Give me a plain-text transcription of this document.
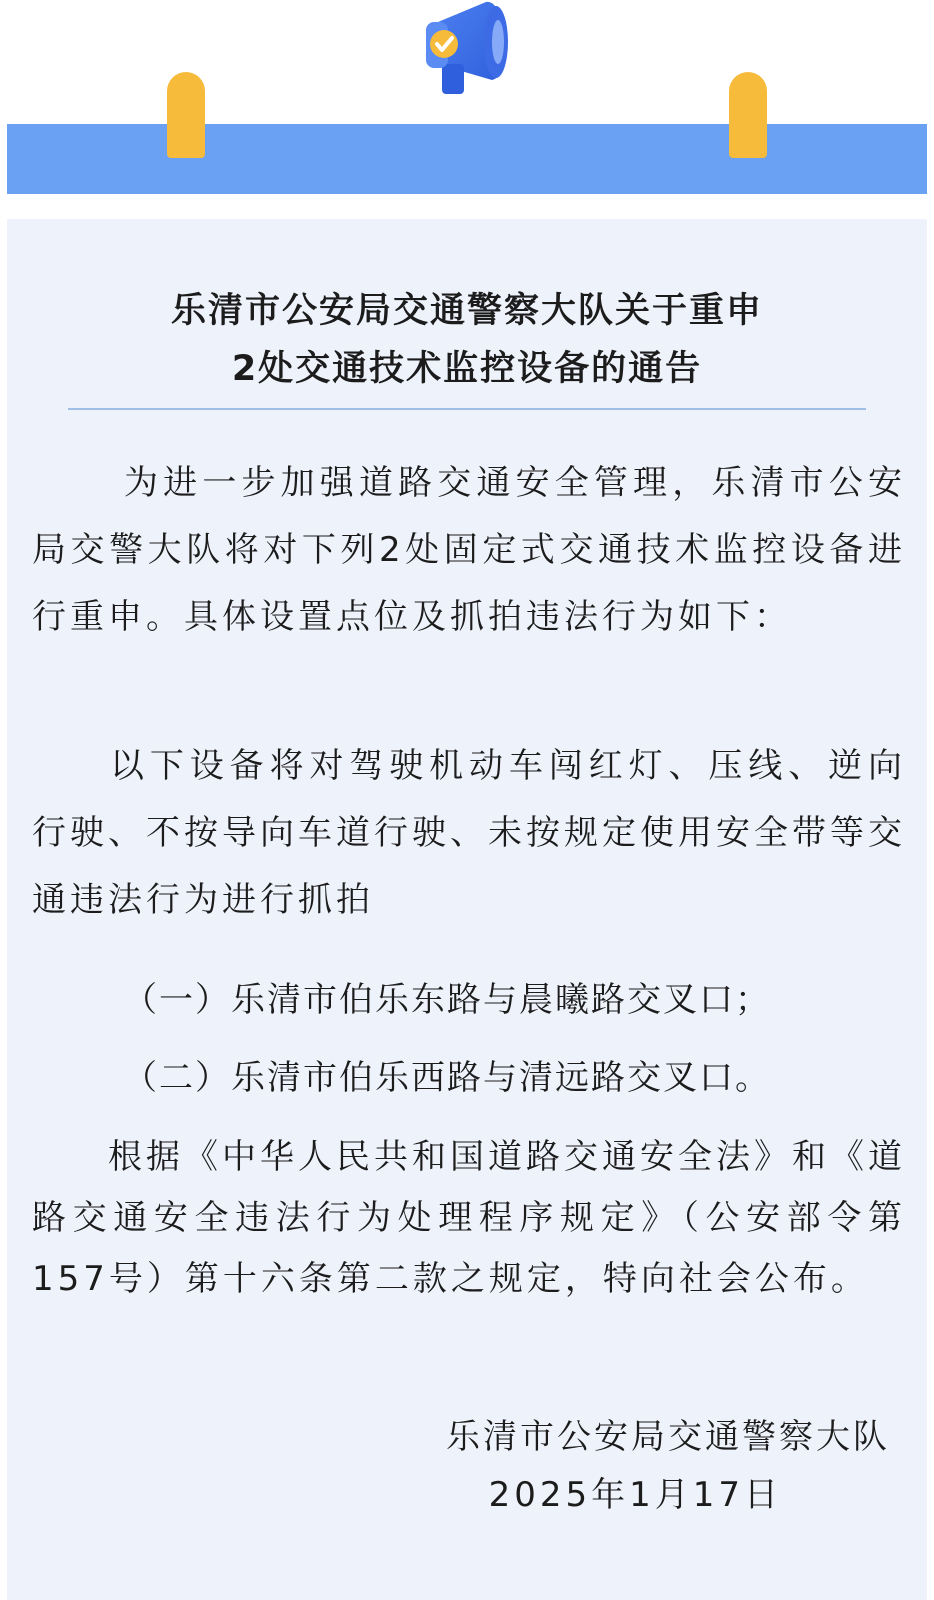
乐清市公安局交通警察大队关于重申
2处交通技术监控设备的通告

为进一步加强道路交通安全管理，乐清市公安局交警大队将对下列2处固定式交通技术监控设备进行重申。具体设置点位及抓拍违法行为如下：

以下设备将对驾驶机动车闯红灯、压线、逆向行驶、不按导向车道行驶、未按规定使用安全带等交通违法行为进行抓拍

（一）乐清市伯乐东路与晨曦路交叉口；

（二）乐清市伯乐西路与清远路交叉口。

根据《中华人民共和国道路交通安全法》和《道路交通安全违法行为处理程序规定》（公安部令第157号）第十六条第二款之规定，特向社会公布。

乐清市公安局交通警察大队

2025年1月17日
